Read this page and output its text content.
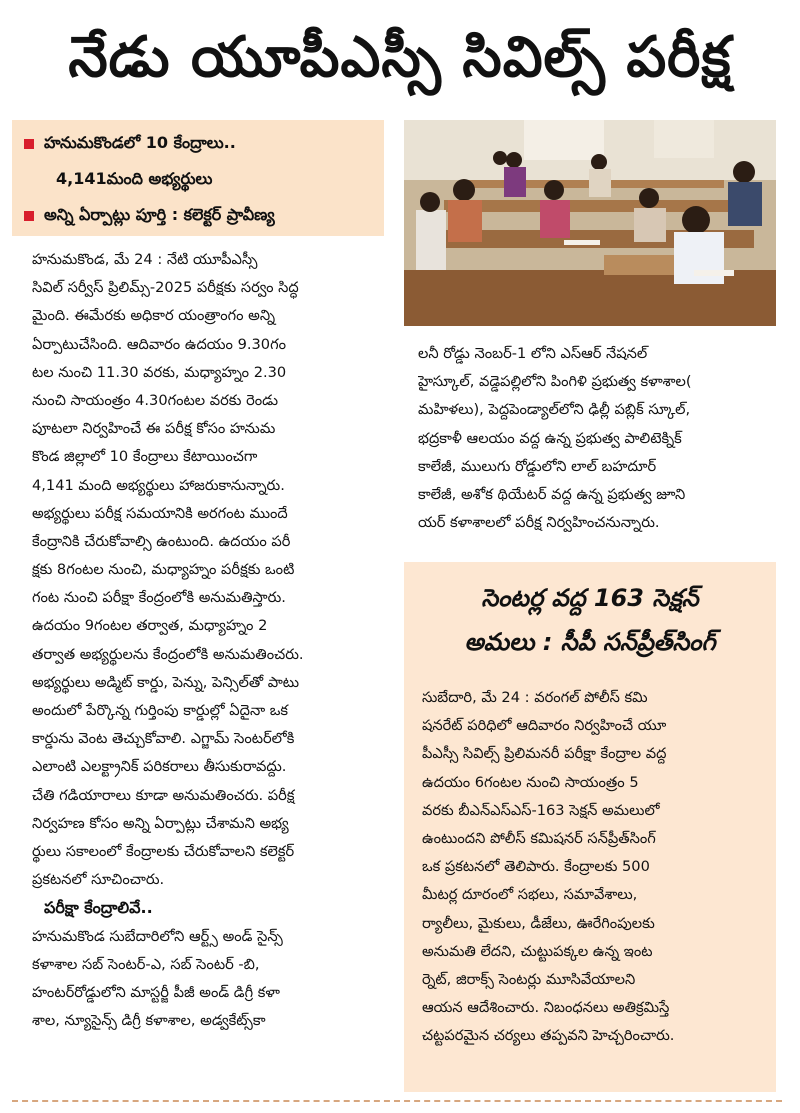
నేడు యూపీఎస్సీ సివిల్స్ పరీక్ష
హనుమకొండలో 10 కేంద్రాలు..
4,141మంది అభ్యర్థులు
అన్ని ఏర్పాట్లు పూర్తి : కలెక్టర్ ప్రావీణ్య
హనుమకొండ, మే 24 : నేటి యూపీఎస్సీ
సివిల్ సర్వీస్ ప్రిలిమ్స్-2025 పరీక్షకు సర్వం సిద్ధ
మైంది. ఈమేరకు అధికార యంత్రాంగం అన్ని
ఏర్పాటుచేసింది. ఆదివారం ఉదయం 9.30గం
టల నుంచి 11.30 వరకు, మధ్యాహ్నం 2.30
నుంచి సాయంత్రం 4.30గంటల వరకు రెండు
పూటలా నిర్వహించే ఈ పరీక్ష కోసం హనుమ
కొండ జిల్లాలో 10 కేంద్రాలు కేటాయించగా
4,141 మంది అభ్యర్థులు హాజరుకానున్నారు.
అభ్యర్థులు పరీక్ష సమయానికి అరగంట ముందే
కేంద్రానికి చేరుకోవాల్సి ఉంటుంది. ఉదయం పరీ
క్షకు 8గంటల నుంచి, మధ్యాహ్నం పరీక్షకు ఒంటి
గంట నుంచి పరీక్షా కేంద్రంలోకి అనుమతిస్తారు.
ఉదయం 9గంటల తర్వాత, మధ్యాహ్నం 2
తర్వాత అభ్యర్థులను కేంద్రంలోకి అనుమతించరు.
అభ్యర్థులు అడ్మిట్ కార్డు, పెన్ను, పెన్సిల్‌తో పాటు
అందులో పేర్కొన్న గుర్తింపు కార్డుల్లో ఏదైనా ఒక
కార్డును వెంట తెచ్చుకోవాలి. ఎగ్జామ్ సెంటర్‌లోకి
ఎలాంటి ఎలక్ట్రానిక్ పరికరాలు తీసుకురావద్దు.
చేతి గడియారాలు కూడా అనుమతించరు. పరీక్ష
నిర్వహణ కోసం అన్ని ఏర్పాట్లు చేశామని అభ్య
ర్థులు సకాలంలో కేంద్రాలకు చేరుకోవాలని కలెక్టర్
ప్రకటనలో సూచించారు.
పరీక్షా కేంద్రాలివే..
హనుమకొండ సుబేదారిలోని ఆర్ట్స్ అండ్ సైన్స్
కళాశాల సబ్ సెంటర్-ఎ, సబ్ సెంటర్ -బి,
హంటర్‌రోడ్డులోని మాస్టర్జీ పీజీ అండ్ డిగ్రీ కళా
శాల, న్యూసైన్స్ డిగ్రీ కళాశాల, అడ్వకేట్స్‌కా
లనీ రోడ్డు నెంబర్-1 లోని ఎస్ఆర్ నేషనల్
హైస్కూల్, వడ్డెపల్లిలోని పింగిళి ప్రభుత్వ కళాశాల(
మహిళలు), పెద్దపెండ్యాల్‌లోని ఢిల్లీ పబ్లిక్ స్కూల్,
భద్రకాళీ ఆలయం వద్ద ఉన్న ప్రభుత్వ పాలిటెక్నిక్
కాలేజీ, ములుగు రోడ్డులోని లాల్ బహదూర్
కాలేజీ, అశోక థియేటర్ వద్ద ఉన్న ప్రభుత్వ జూని
యర్ కళాశాలలో పరీక్ష నిర్వహించనున్నారు.
సెంటర్ల వద్ద 163 సెక్షన్
అమలు : సీపీ సన్‌ప్రీత్‌సింగ్
సుబేదారి, మే 24 : వరంగల్ పోలీస్ కమి
షనరేట్ పరిధిలో ఆదివారం నిర్వహించే యూ
పీఎస్సీ సివిల్స్ ప్రిలిమనరీ పరీక్షా కేంద్రాల వద్ద
ఉదయం 6గంటల నుంచి సాయంత్రం 5
వరకు బీఎన్ఎస్ఎస్-163 సెక్షన్ అమలులో
ఉంటుందని పోలీస్ కమిషనర్ సన్‌ప్రీత్‌సింగ్
ఒక ప్రకటనలో తెలిపారు. కేంద్రాలకు 500
మీటర్ల దూరంలో సభలు, సమావేశాలు,
ర్యాలీలు, మైకులు, డీజేలు, ఊరేగింపులకు
అనుమతి లేదని, చుట్టుపక్కల ఉన్న ఇంట
ర్నెట్, జిరాక్స్ సెంటర్లు మూసివేయాలని
ఆయన ఆదేశించారు. నిబంధనలు అతిక్రమిస్తే
చట్టపరమైన చర్యలు తప్పవని హెచ్చరించారు.
